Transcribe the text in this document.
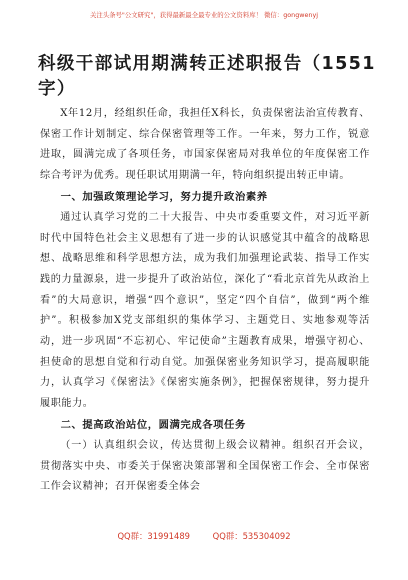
关注头条号"公文研究"，获得最新最全最专业的公文资料库！ 微信：gongwenyj
科级干部试用期满转正述职报告（1551字）

X年12月，经组织任命，我担任X科长，负责保密法治宣传教育、保密工作计划制定、综合保密管理等工作。一年来，努力工作，锐意进取，圆满完成了各项任务，市国家保密局对我单位的年度保密工作综合考评为优秀。现任职试用期满一年，特向组织提出转正申请。

一、加强政策理论学习，努力提升政治素养

通过认真学习党的二十大报告、中央市委重要文件，对习近平新时代中国特色社会主义思想有了进一步的认识感觉其中蕴含的战略思想、战略思维和科学思想方法，成为我们加强理论武装、指导工作实践的力量源泉，进一步提升了政治站位，深化了“看北京首先从政治上看”的大局意识，增强“四个意识”，坚定“四个自信”，做到“两个维护”。积极参加X党支部组织的集体学习、主题党日、实地参观等活动，进一步巩固“不忘初心、牢记使命”主题教育成果，增强守初心、担使命的思想自觉和行动自觉。加强保密业务知识学习，提高履职能力，认真学习《保密法》《保密实施条例》，把握保密规律，努力提升履职能力。

二、提高政治站位，圆满完成各项任务

（一）认真组织会议，传达贯彻上级会议精神。组织召开会议，贯彻落实中央、市委关于保密决策部署和全国保密工作会、全市保密工作会议精神；召开保密委全体会

QQ群：31991489	QQ群：535304092
